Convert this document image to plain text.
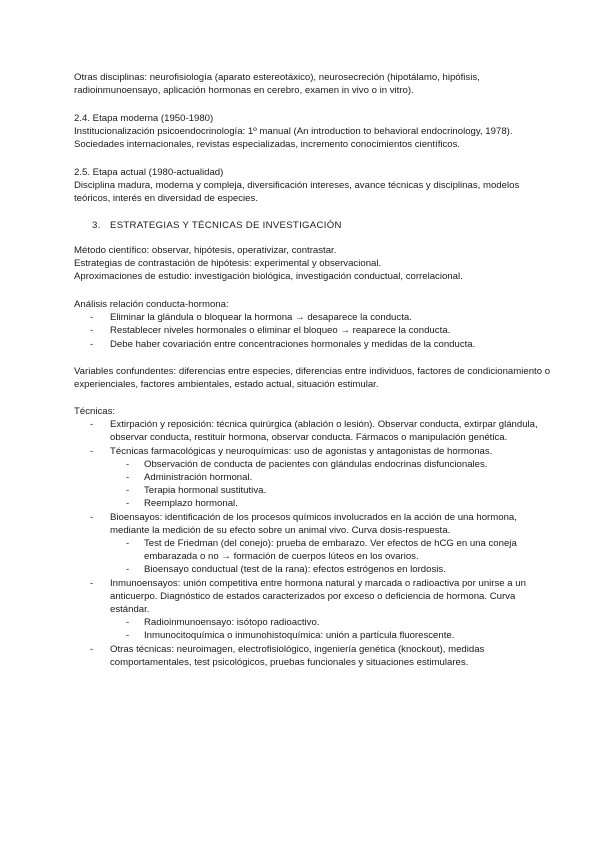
Otras disciplinas: neurofisiología (aparato estereotáxico), neurosecreción (hipotálamo, hipófisis, radioinmunoensayo, aplicación hormonas en cerebro, examen in vivo o in vitro).

2.4. Etapa moderna (1950-1980)

Institucionalización psicoendocrinología: 1º manual (An introduction to behavioral endocrinology, 1978).

Sociedades internacionales, revistas especializadas, incremento conocimientos científicos.

2.5. Etapa actual (1980-actualidad)

Disciplina madura, moderna y compleja, diversificación intereses, avance técnicas y disciplinas, modelos teóricos, interés en diversidad de especies.

3. ESTRATEGIAS Y TÉCNICAS DE INVESTIGACIÓN

Método científico: observar, hipótesis, operativizar, contrastar.

Estrategias de contrastación de hipótesis: experimental y observacional.

Aproximaciones de estudio: investigación biológica, investigación conductual, correlacional.

Análisis relación conducta-hormona:

- Eliminar la glándula o bloquear la hormona → desaparece la conducta.
- Restablecer niveles hormonales o eliminar el bloqueo → reaparece la conducta.
- Debe haber covariación entre concentraciones hormonales y medidas de la conducta.

Variables confundentes: diferencias entre especies, diferencias entre individuos, factores de condicionamiento o experienciales, factores ambientales, estado actual, situación estimular.

Técnicas:

- Extirpación y reposición: técnica quirúrgica (ablación o lesión). Observar conducta, extirpar glándula, observar conducta, restituir hormona, observar conducta. Fármacos o manipulación genética.
- Técnicas farmacológicas y neuroquímicas: uso de agonistas y antagonistas de hormonas.
- Observación de conducta de pacientes con glándulas endocrinas disfuncionales.
- Administración hormonal.
- Terapia hormonal sustitutiva.
- Reemplazo hormonal.
- Bioensayos: identificación de los procesos químicos involucrados en la acción de una hormona, mediante la medición de su efecto sobre un animal vivo. Curva dosis-respuesta.
- Test de Friedman (del conejo): prueba de embarazo. Ver efectos de hCG en una coneja embarazada o no → formación de cuerpos lúteos en los ovarios.
- Bioensayo conductual (test de la rana): efectos estrógenos en lordosis.
- Inmunoensayos: unión competitiva entre hormona natural y marcada o radioactiva por unirse a un anticuerpo. Diagnóstico de estados caracterizados por exceso o deficiencia de hormona. Curva estándar.
- Radioinmunoensayo: isótopo radioactivo.
- Inmunocitoquímica o inmunohistoquímica: unión a partícula fluorescente.
- Otras técnicas: neuroimagen, electrofisiológico, ingeniería genética (knockout), medidas comportamentales, test psicológicos, pruebas funcionales y situaciones estimulares.
